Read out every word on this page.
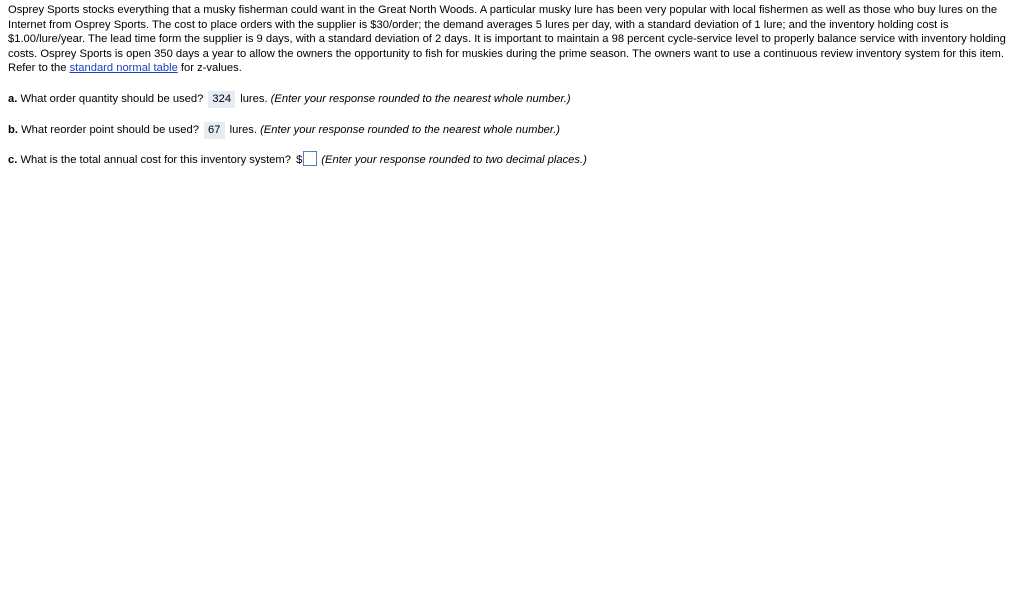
Osprey Sports stocks everything that a musky fisherman could want in the Great North Woods. A particular musky lure has been very popular with local fishermen as well as those who buy lures on the Internet from Osprey Sports. The cost to place orders with the supplier is $30/order; the demand averages 5 lures per day, with a standard deviation of 1 lure; and the inventory holding cost is $1.00/lure/year. The lead time form the supplier is 9 days, with a standard deviation of 2 days. It is important to maintain a 98 percent cycle-service level to properly balance service with inventory holding costs. Osprey Sports is open 350 days a year to allow the owners the opportunity to fish for muskies during the prime season. The owners want to use a continuous review inventory system for this item. Refer to the standard normal table for z-values.

a. What order quantity should be used? 324 lures. (Enter your response rounded to the nearest whole number.)

b. What reorder point should be used? 67 lures. (Enter your response rounded to the nearest whole number.)

c. What is the total annual cost for this inventory system? $ (Enter your response rounded to two decimal places.)
